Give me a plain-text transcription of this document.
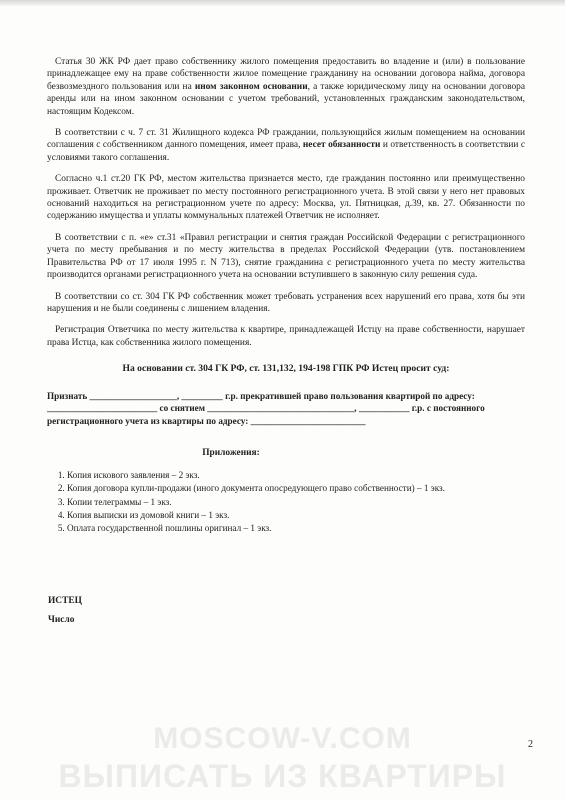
MOSCOW-V.COM
ВЫПИСАТЬ ИЗ КВАРТИРЫ

Статья 30 ЖК РФ дает право собственнику жилого помещения предоставить во владение и (или) в пользование принадлежащее ему на праве собственности жилое помещение гражданину на основании договора найма, договора безвозмездного пользования или на ином законном основании, а также юридическому лицу на основании договора аренды или на ином законном основании с учетом требований, установленных гражданским законодательством, настоящим Кодексом.

В соответствии с ч. 7 ст. 31 Жилищного кодекса РФ граждании, пользующийся жилым помещением на основании соглашения с собственником данного помещения, имеет права, несет обязанности и ответственность в соответствии с условиями такого соглашения.

Согласно ч.1 ст.20 ГК РФ, местом жительства признается место, где гражданин постоянно или преимущественно проживает. Ответчик не проживает по месту постоянного регистрационного учета. В этой связи у него нет правовых оснований находиться на регистрационном учете по адресу: Москва, ул. Пятницкая, д.39, кв. 27. Обязанности по содержанию имущества и уплаты коммунальных платежей Ответчик не исполняет.

В соответствии с п. «е» ст.31 «Правил регистрации и снятия граждан Российской Федерации с регистрационного учета по месту пребывания и по месту жительства в пределах Российской Федерации (утв. постановлением Правительства РФ от 17 июля 1995 г. N 713), снятие гражданина с регистрационного учета по месту жительства производится органами регистрационного учета на основании вступившего в законную силу решения суда.

В соответствии со ст. 304 ГК РФ собственник может требовать устранения всех нарушений его права, хотя бы эти нарушения и не были соединены с лишением владения.

Регистрация Ответчика по месту жительства к квартире, принадлежащей Истцу на праве собственности, нарушает права Истца, как собственника жилого помещения.

На основании ст. 304 ГК РФ, ст. 131,132, 194-198 ГПК РФ Истец просит суд:
Признать ___________________, _________ г.р. прекратившей право пользования квартирой по адресу:
________________________ со снятием ________________________________, ___________ г.р. с постоянного
регистрационного учета из квартиры по адресу: _________________________
Приложения:
1. Копия искового заявления – 2 экз.
2. Копия договора купли-продажи (иного документа опосредующего право собственности) – 1 экз.
3. Копии телеграммы – 1 экз.
4. Копия выписки из домовой книги – 1 экз.
5. Оплата государственной пошлины оригинал – 1 экз.
ИСТЕЦ
Число
2
